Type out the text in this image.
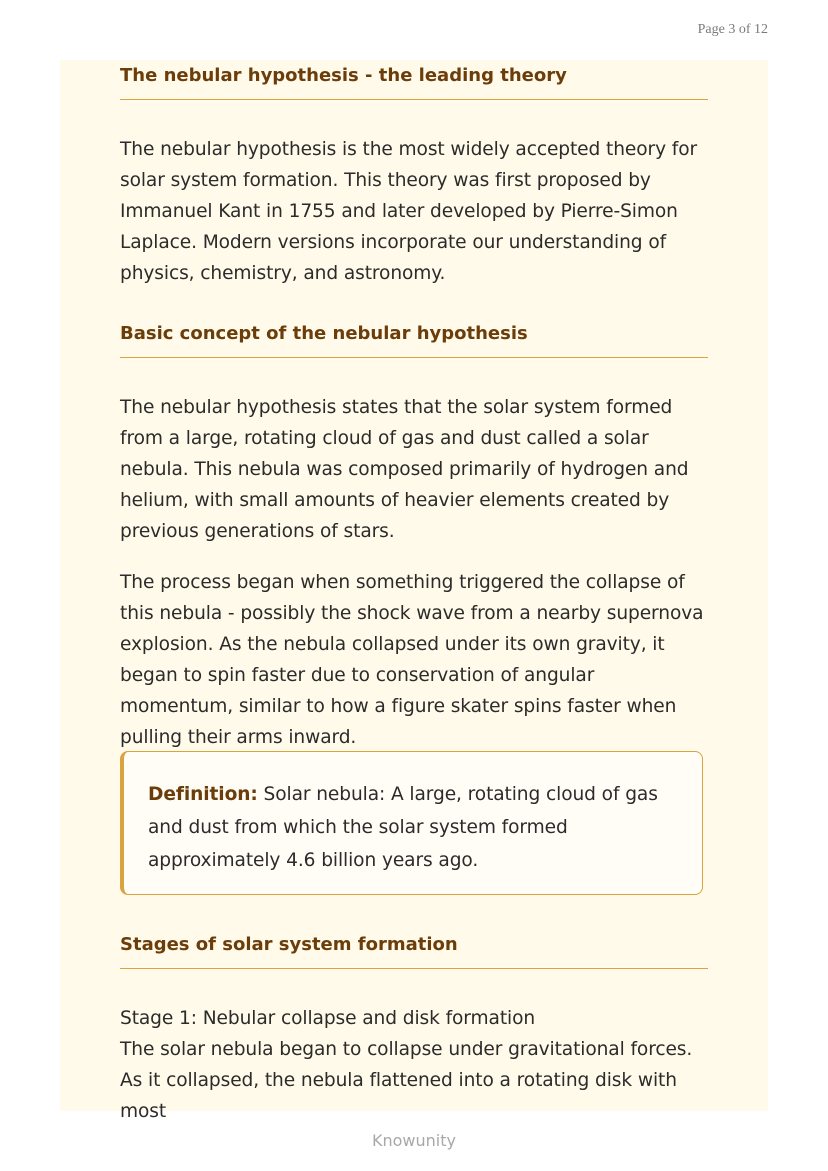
Page 3 of 12
The nebular hypothesis - the leading theory

The nebular hypothesis is the most widely accepted theory for solar system formation. This theory was first proposed by Immanuel Kant in 1755 and later developed by Pierre-Simon Laplace. Modern versions incorporate our understanding of physics, chemistry, and astronomy.

Basic concept of the nebular hypothesis

The nebular hypothesis states that the solar system formed from a large, rotating cloud of gas and dust called a solar nebula. This nebula was composed primarily of hydrogen and helium, with small amounts of heavier elements created by previous generations of stars.

The process began when something triggered the collapse of this nebula - possibly the shock wave from a nearby supernova explosion. As the nebula collapsed under its own gravity, it began to spin faster due to conservation of angular momentum, similar to how a figure skater spins faster when pulling their arms inward.

Definition: Solar nebula: A large, rotating cloud of gas and dust from which the solar system formed approximately 4.6 billion years ago.

Stages of solar system formation

Stage 1: Nebular collapse and disk formation

The solar nebula began to collapse under gravitational forces. As it collapsed, the nebula flattened into a rotating disk with most

Knowunity
